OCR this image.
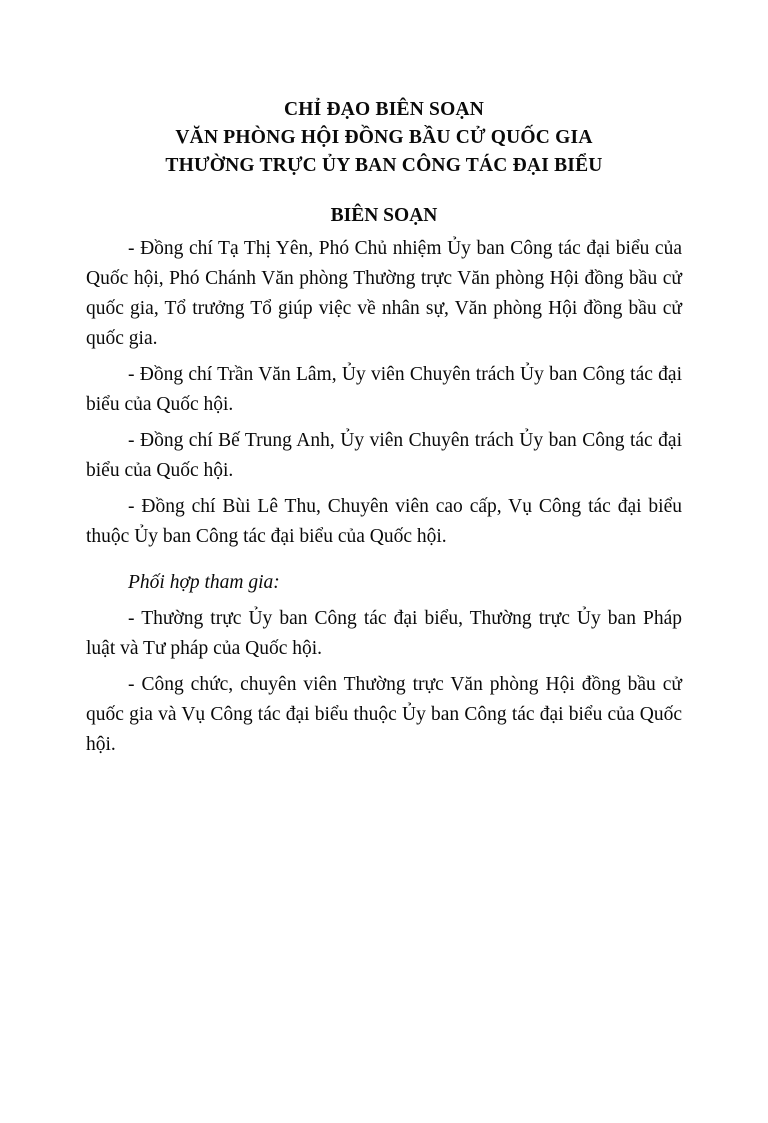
CHỈ ĐẠO BIÊN SOẠN
VĂN PHÒNG HỘI ĐỒNG BẦU CỬ QUỐC GIA
THƯỜNG TRỰC ỦY BAN CÔNG TÁC ĐẠI BIỂU
BIÊN SOẠN

- Đồng chí Tạ Thị Yên, Phó Chủ nhiệm Ủy ban Công tác đại biểu của Quốc hội, Phó Chánh Văn phòng Thường trực Văn phòng Hội đồng bầu cử quốc gia, Tổ trưởng Tổ giúp việc về nhân sự, Văn phòng Hội đồng bầu cử quốc gia.

- Đồng chí Trần Văn Lâm, Ủy viên Chuyên trách Ủy ban Công tác đại biểu của Quốc hội.

- Đồng chí Bế Trung Anh, Ủy viên Chuyên trách Ủy ban Công tác đại biểu của Quốc hội.

- Đồng chí Bùi Lê Thu, Chuyên viên cao cấp, Vụ Công tác đại biểu thuộc Ủy ban Công tác đại biểu của Quốc hội.

Phối hợp tham gia:

- Thường trực Ủy ban Công tác đại biểu, Thường trực Ủy ban Pháp luật và Tư pháp của Quốc hội.

- Công chức, chuyên viên Thường trực Văn phòng Hội đồng bầu cử quốc gia và Vụ Công tác đại biểu thuộc Ủy ban Công tác đại biểu của Quốc hội.
